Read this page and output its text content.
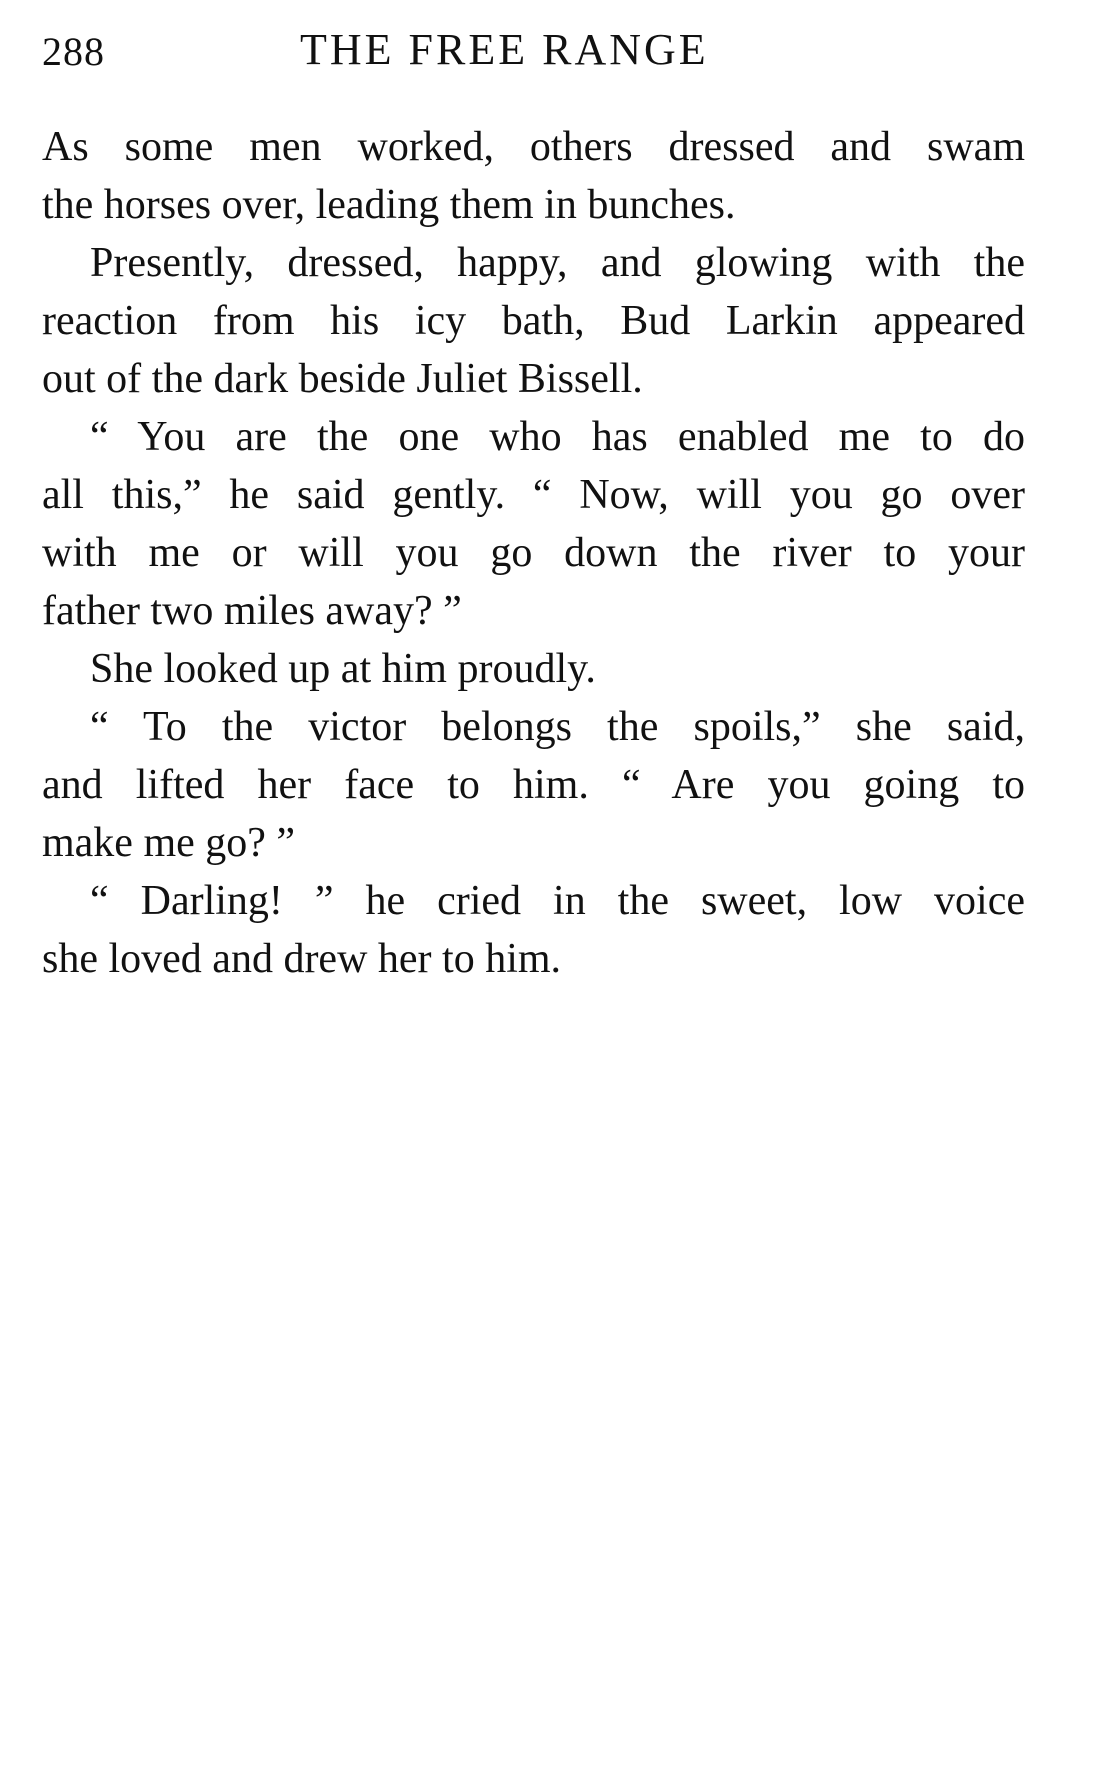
288	THE FREE RANGE
As some men worked, others dressed and swam
the horses over, leading them in bunches.
Presently, dressed, happy, and glowing with the
reaction from his icy bath, Bud Larkin appeared
out of the dark beside Juliet Bissell.
“ You are the one who has enabled me to do
all this,” he said gently. “ Now, will you go over
with me or will you go down the river to your
father two miles away? ”
She looked up at him proudly.
“ To the victor belongs the spoils,” she said,
and lifted her face to him. “ Are you going to
make me go? ”
“ Darling! ” he cried in the sweet, low voice
she loved and drew her to him.
